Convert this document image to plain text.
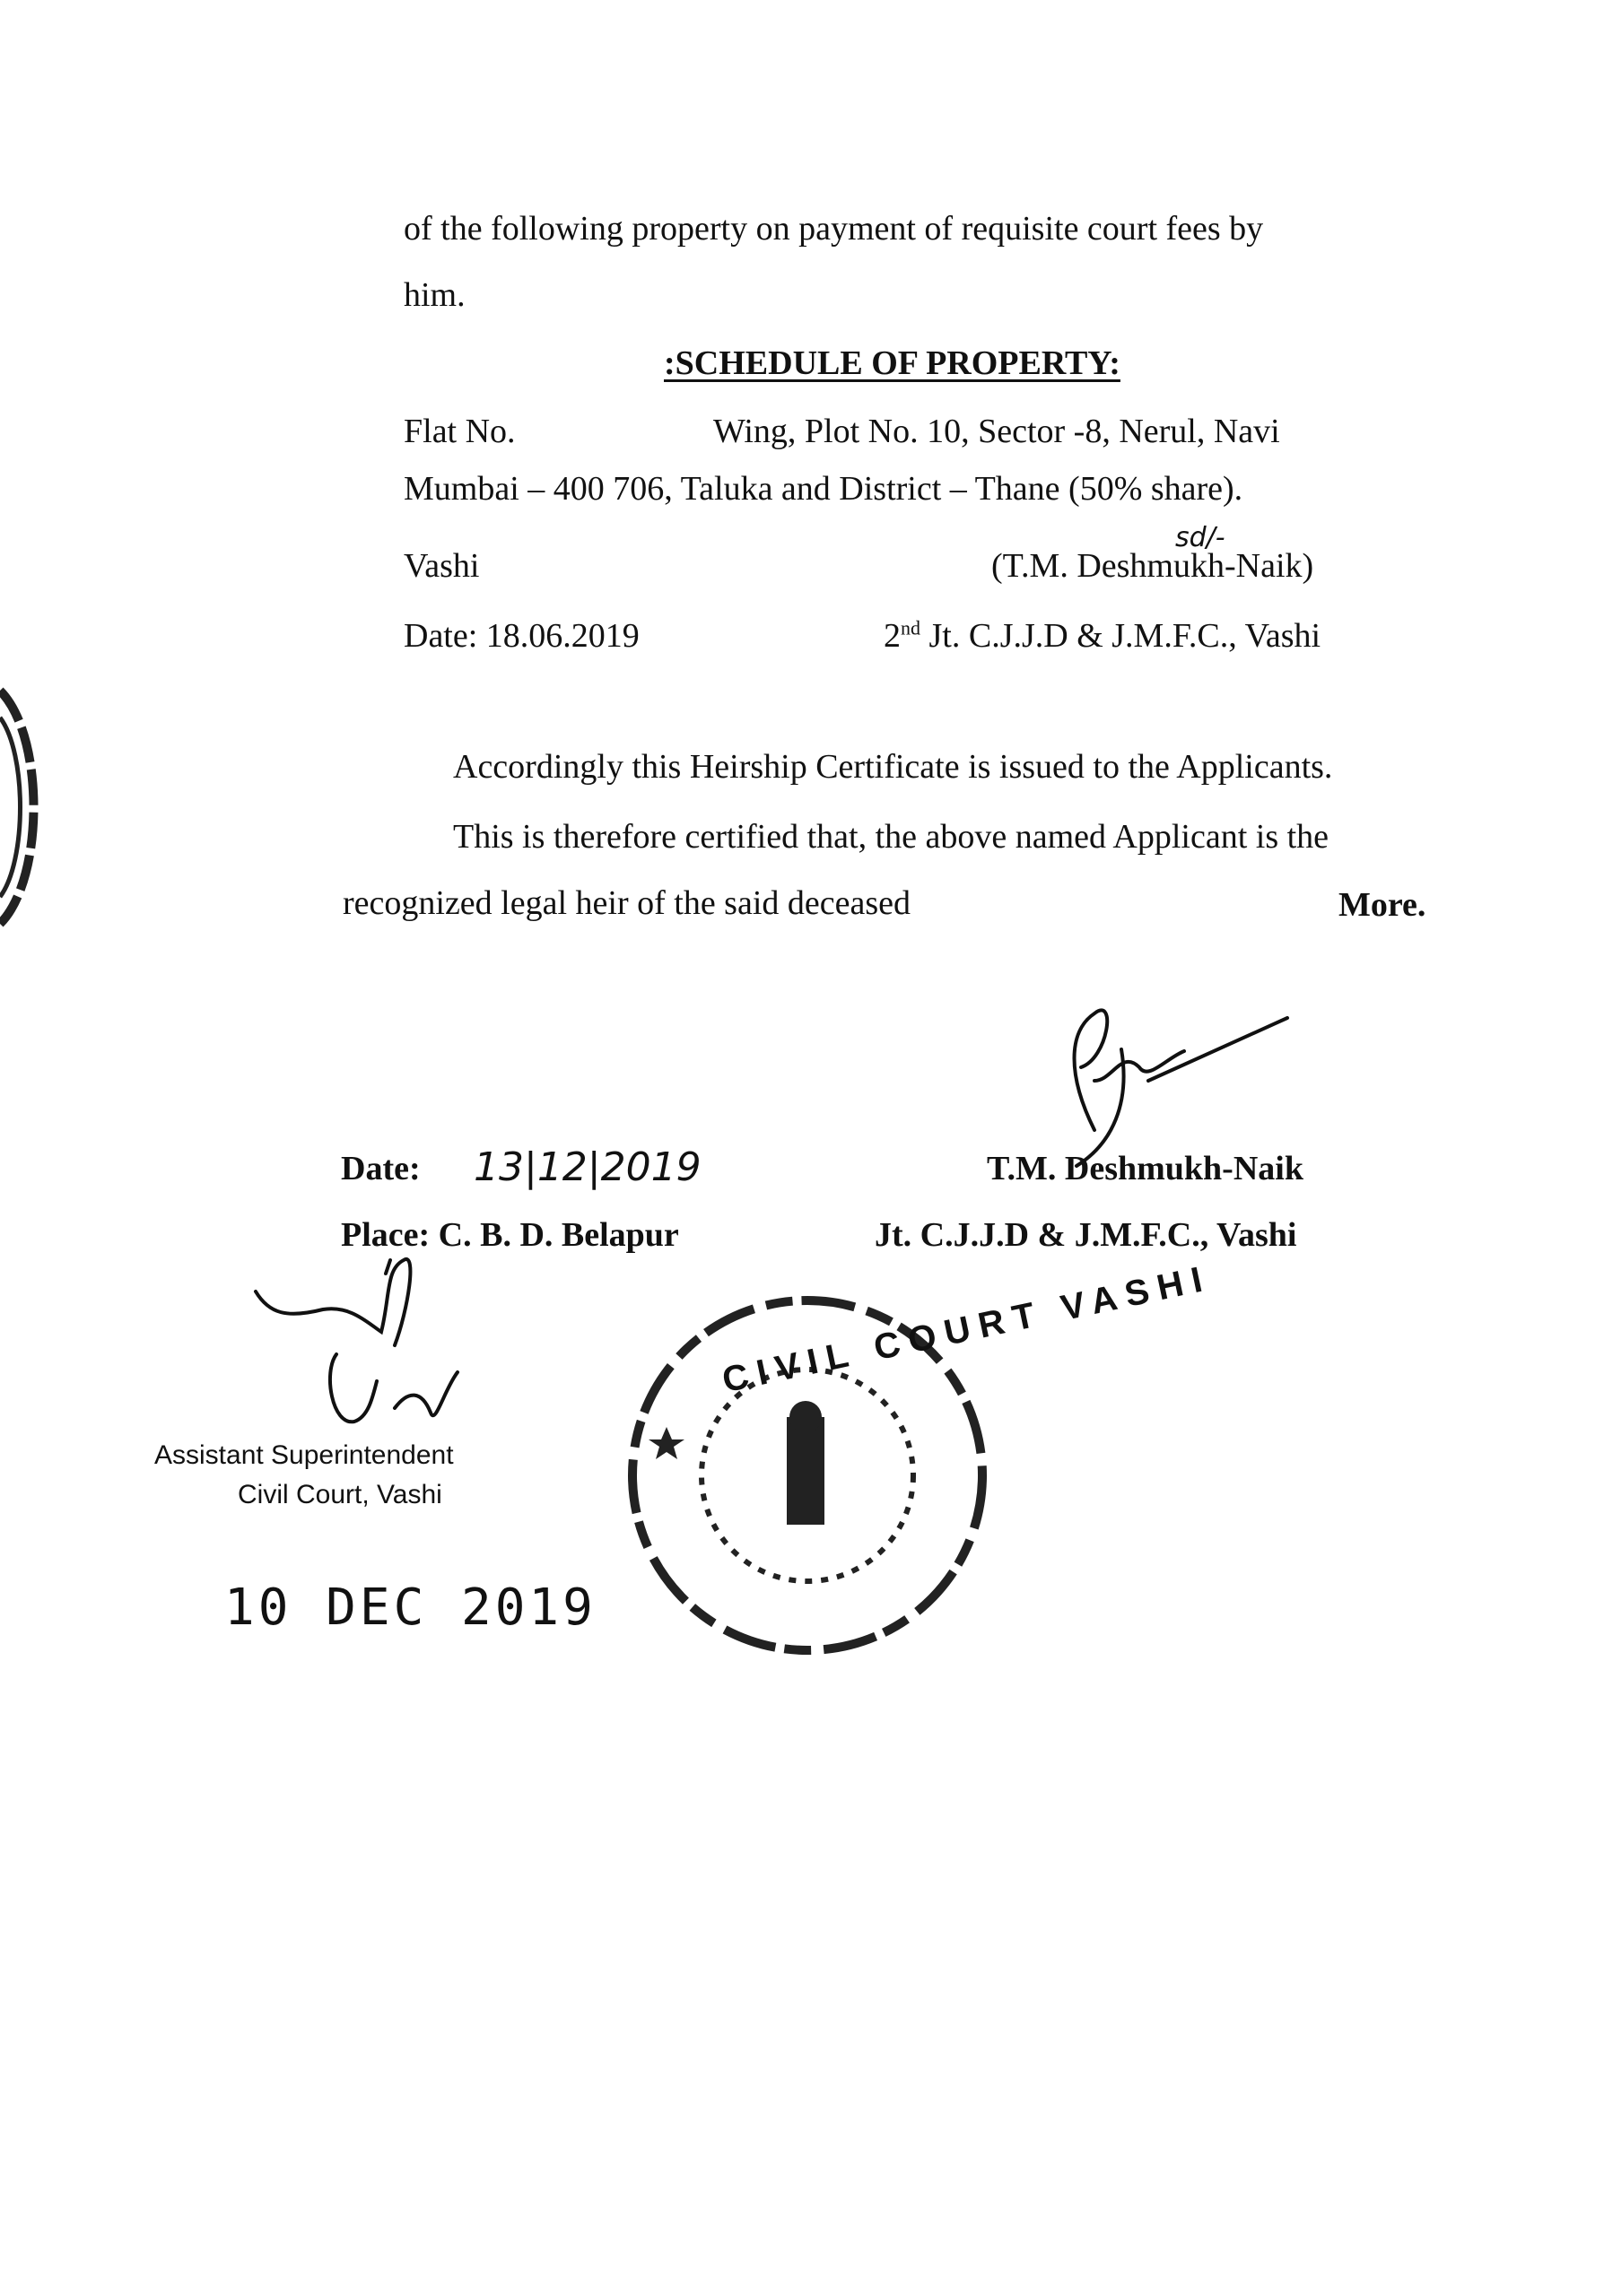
of the following property on payment of requisite court fees by
him.
:SCHEDULE OF PROPERTY:
Flat No.	Wing, Plot No. 10, Sector -8, Nerul, Navi
Mumbai – 400 706, Taluka and District – Thane (50% share).
sd/-
Vashi	(T.M. Deshmukh-Naik)
Date: 18.06.2019	2nd Jt. C.J.J.D & J.M.F.C., Vashi
Accordingly this Heirship Certificate is issued to the Applicants.
This is therefore certified that, the above named Applicant is the
recognized legal heir of the said deceased	More.
Date: 13|12|2019	T.M. Deshmukh-Naik
Place: C. B. D. Belapur	Jt. C.J.J.D & J.M.F.C., Vashi
Assistant Superintendent
Civil Court, Vashi
10 DEC 2019
CIVIL COURT VASHI
